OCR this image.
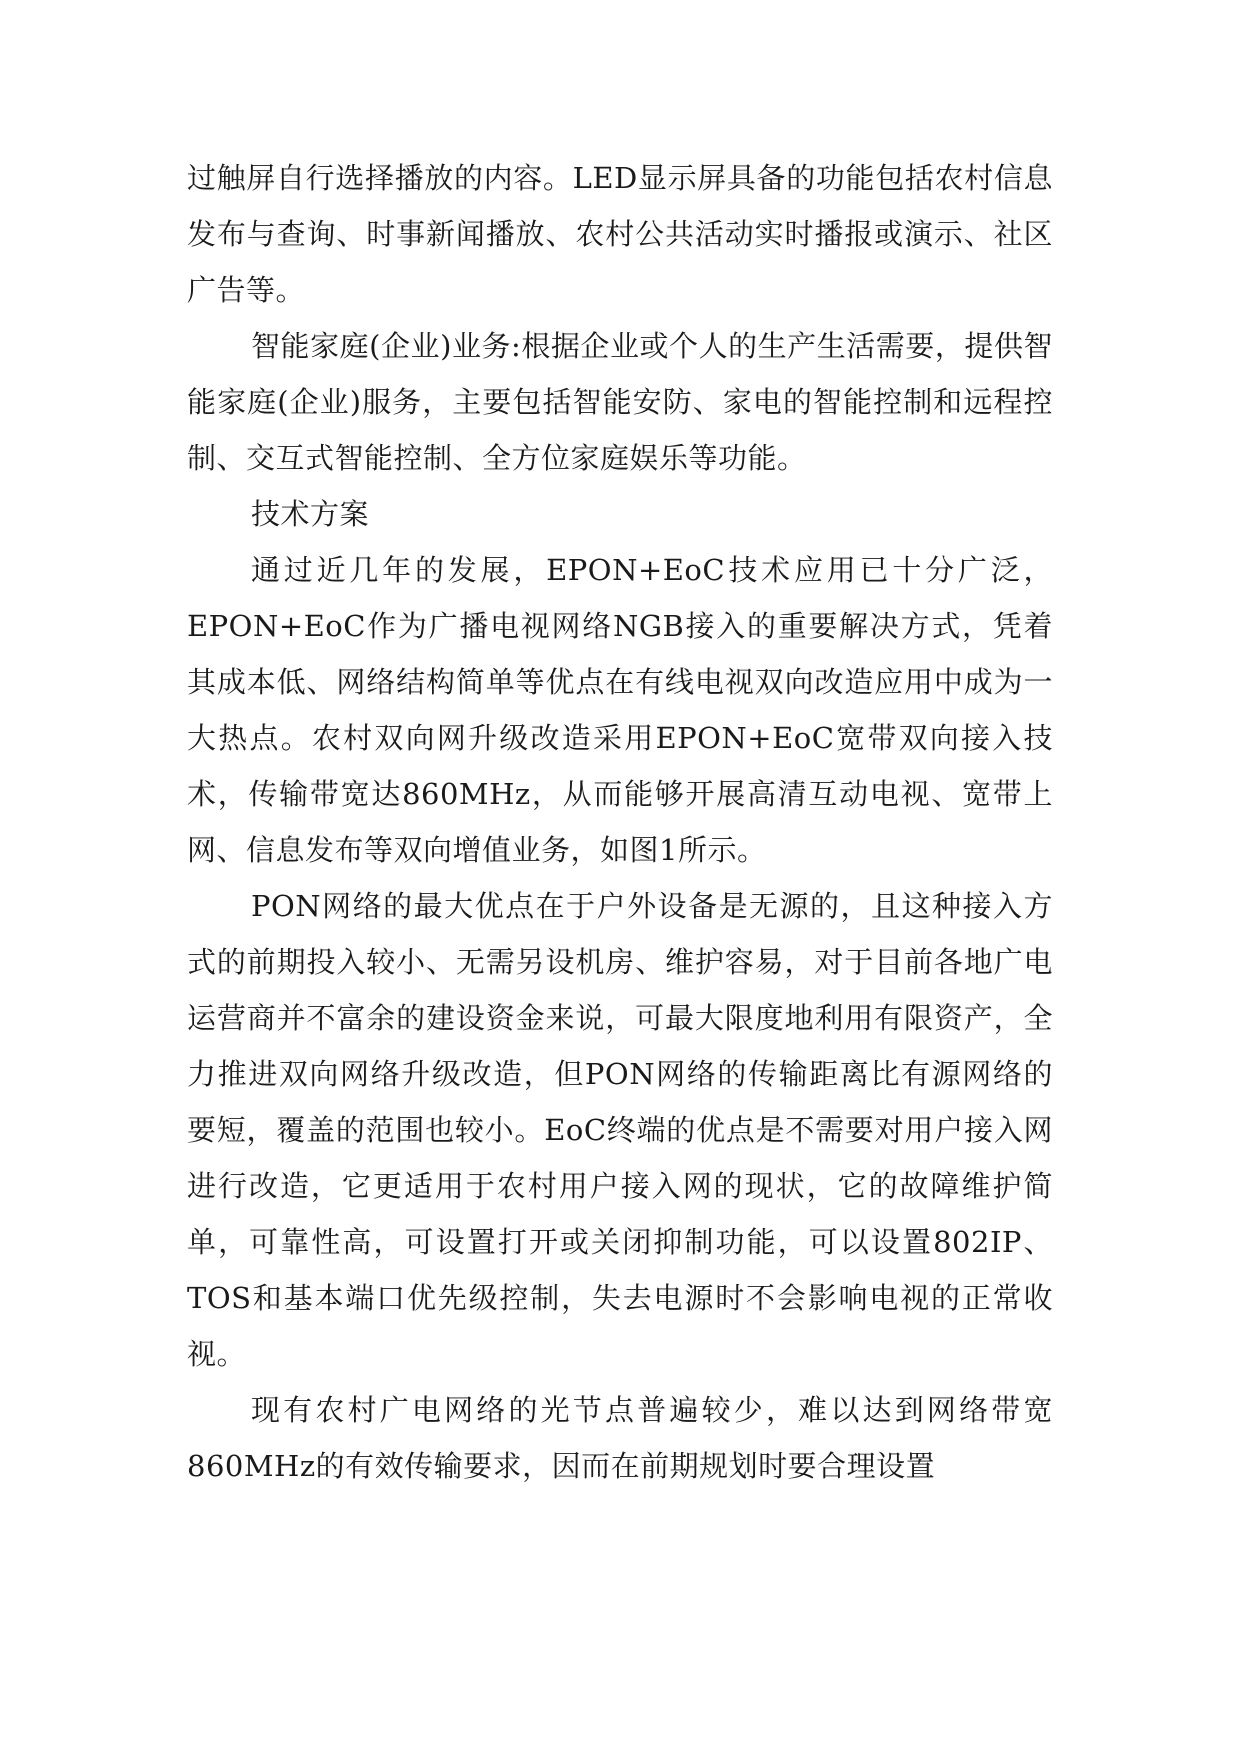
过触屏自行选择播放的内容。LED显示屏具备的功能包括农村信息发布与查询、时事新闻播放、农村公共活动实时播报或演示、社区广告等。

智能家庭(企业)业务:根据企业或个人的生产生活需要，提供智能家庭(企业)服务，主要包括智能安防、家电的智能控制和远程控制、交互式智能控制、全方位家庭娱乐等功能。

技术方案

通过近几年的发展，EPON+EoC技术应用已十分广泛，EPON+EoC作为广播电视网络NGB接入的重要解决方式，凭着其成本低、网络结构简单等优点在有线电视双向改造应用中成为一大热点。农村双向网升级改造采用EPON+EoC宽带双向接入技术，传输带宽达860MHz，从而能够开展高清互动电视、宽带上网、信息发布等双向增值业务，如图1所示。

PON网络的最大优点在于户外设备是无源的，且这种接入方式的前期投入较小、无需另设机房、维护容易，对于目前各地广电运营商并不富余的建设资金来说，可最大限度地利用有限资产，全力推进双向网络升级改造，但PON网络的传输距离比有源网络的要短，覆盖的范围也较小。EoC终端的优点是不需要对用户接入网进行改造，它更适用于农村用户接入网的现状，它的故障维护简单，可靠性高，可设置打开或关闭抑制功能，可以设置802IP、TOS和基本端口优先级控制，失去电源时不会影响电视的正常收视。

现有农村广电网络的光节点普遍较少，难以达到网络带宽860MHz的有效传输要求，因而在前期规划时要合理设置
